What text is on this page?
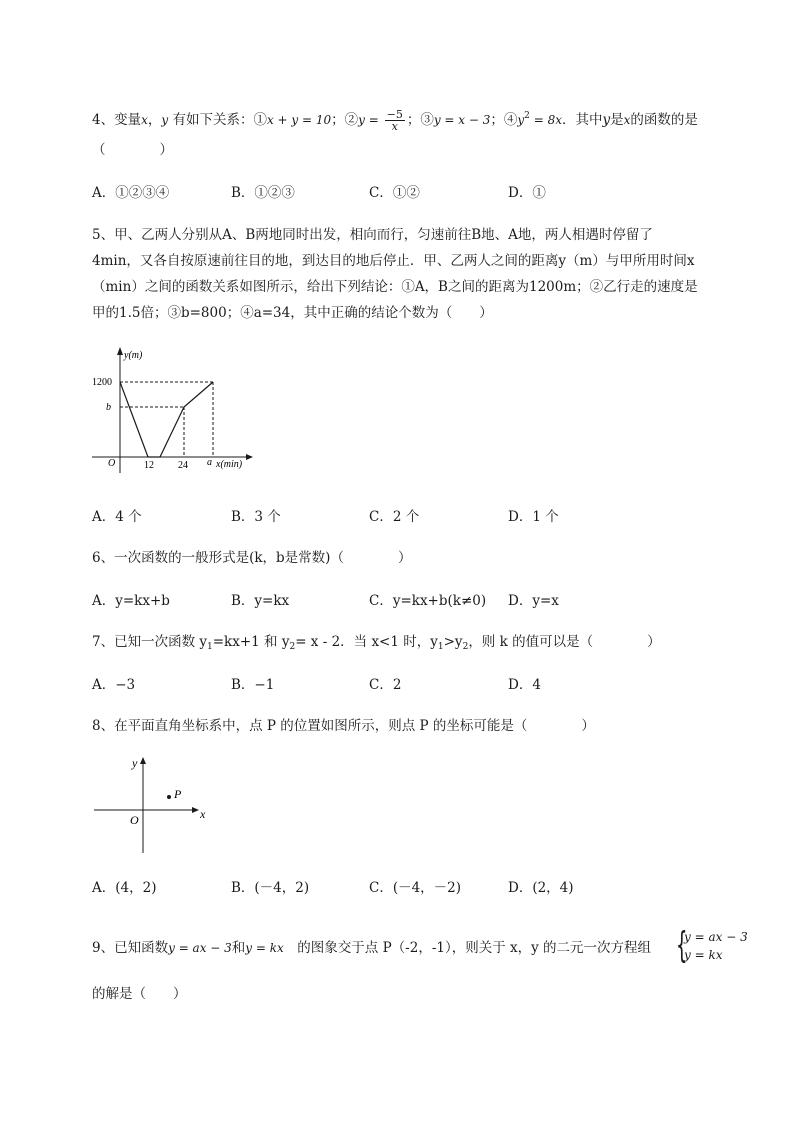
4、变量x，y 有如下关系：①x + y = 10；②y = $\frac{-5}{x}$ ；③y = x − 3；$④y^2 = 8x$．其中y是x的函数的是
（　　　　）
A．①②③④	B．①②③	C．①②	D．①
5、甲、乙两人分别从A、B两地同时出发，相向而行，匀速前往B地、A地，两人相遇时停留了
4min，又各自按原速前往目的地，到达目的地后停止．甲、乙两人之间的距离y（m）与甲所用时间x
（min）之间的函数关系如图所示，给出下列结论：①A，B之间的距离为1200m；②乙行走的速度是
甲的1.5倍；③b=800；④a=34，其中正确的结论个数为（　　）
y(m)
x(min)
O
1200
b
12 24 a
A．4 个	B．3 个	C．2 个	D．1 个
6、一次函数的一般形式是(k，b是常数)（　　　　）
A．y=kx+b	B．y=kx	C．y=kx+b(k≠0) D．y=x
7、已知一次函数 $y_1=kx+1$ 和 $y_2= x - 2$．当 x<1 时，$y_1>y_2$，则 k 的值可以是（　　　　）
A．−3	B．−1	C．2	D．4
8、在平面直角坐标系中，点 P 的位置如图所示，则点 P 的坐标可能是（　　　　）
P
x
y
O
A．(4，2)	B．(－4，2)	C．(－4，－2)	D．(2，4)
9、已知函数y = ax − 3和y = kx　的图象交于点 P（-2，-1），则关于 x，y 的二元一次方程组 {
y = ax − 3
y = kx
的解是（　　）
